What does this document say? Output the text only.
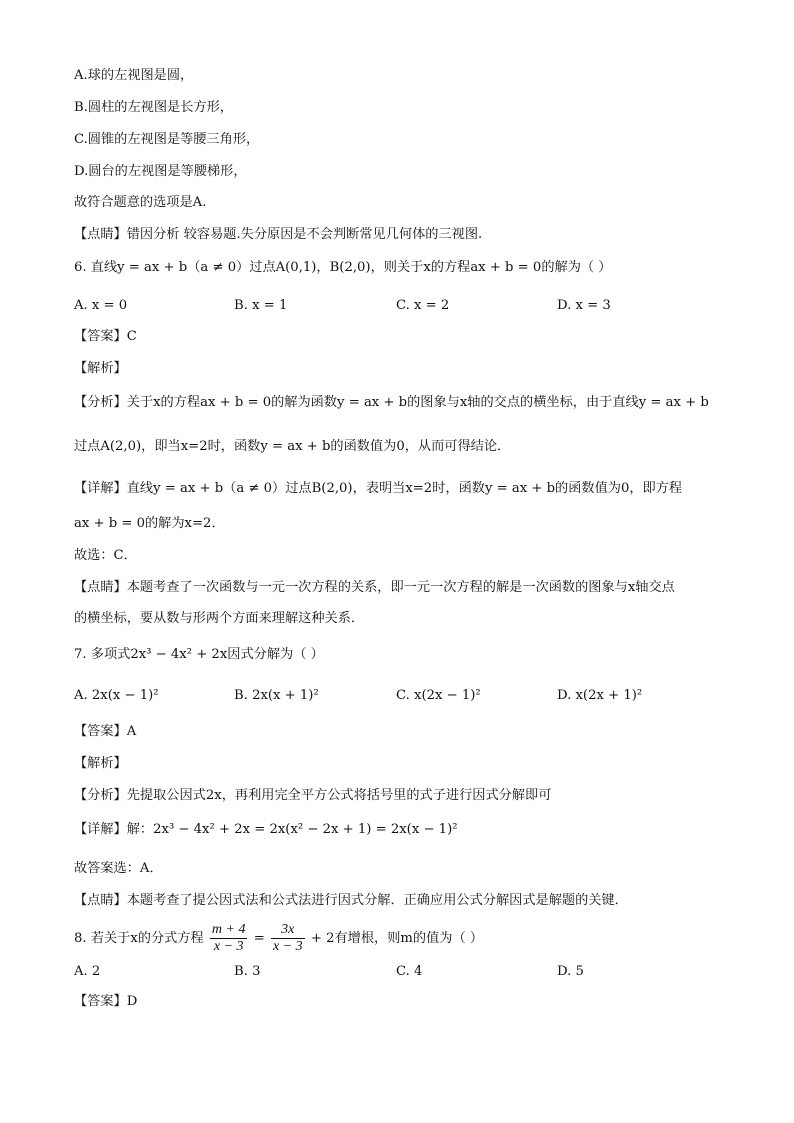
A.球的左视图是圆，
B.圆柱的左视图是长方形，
C.圆锥的左视图是等腰三角形，
D.圆台的左视图是等腰梯形，
故符合题意的选项是A.
【点睛】错因分析 较容易题.失分原因是不会判断常见几何体的三视图.
6. 直线y = ax + b（a ≠ 0）过点A(0,1)，B(2,0)，则关于x的方程ax + b = 0的解为（ ）
A. x = 0	B. x = 1	C. x = 2	D. x = 3
【答案】C
【解析】
【分析】关于x的方程ax + b = 0的解为函数y = ax + b的图象与x轴的交点的横坐标，由于直线y = ax + b
过点A(2,0)，即当x=2时，函数y = ax + b的函数值为0，从而可得结论．
【详解】直线y = ax + b（a ≠ 0）过点B(2,0)，表明当x=2时，函数y = ax + b的函数值为0，即方程
ax + b = 0的解为x=2．
故选：C．
【点睛】本题考查了一次函数与一元一次方程的关系，即一元一次方程的解是一次函数的图象与x轴交点
的横坐标，要从数与形两个方面来理解这种关系．
7. 多项式2x³ − 4x² + 2x因式分解为（ ）
A. 2x(x − 1)²	B. 2x(x + 1)²	C. x(2x − 1)²	D. x(2x + 1)²
【答案】A
【解析】
【分析】先提取公因式2x，再利用完全平方公式将括号里的式子进行因式分解即可
【详解】解：2x³ − 4x² + 2x = 2x(x² − 2x + 1) = 2x(x − 1)²
故答案选：A．
【点睛】本题考查了提公因式法和公式法进行因式分解．正确应用公式分解因式是解题的关键．
8. 若关于x的分式方程 $\frac{m + 4}{x - 3} = \frac{3x}{x - 3} + 2$有增根，则m的值为（ ）
A. 2	B. 3	C. 4	D. 5
【答案】D
